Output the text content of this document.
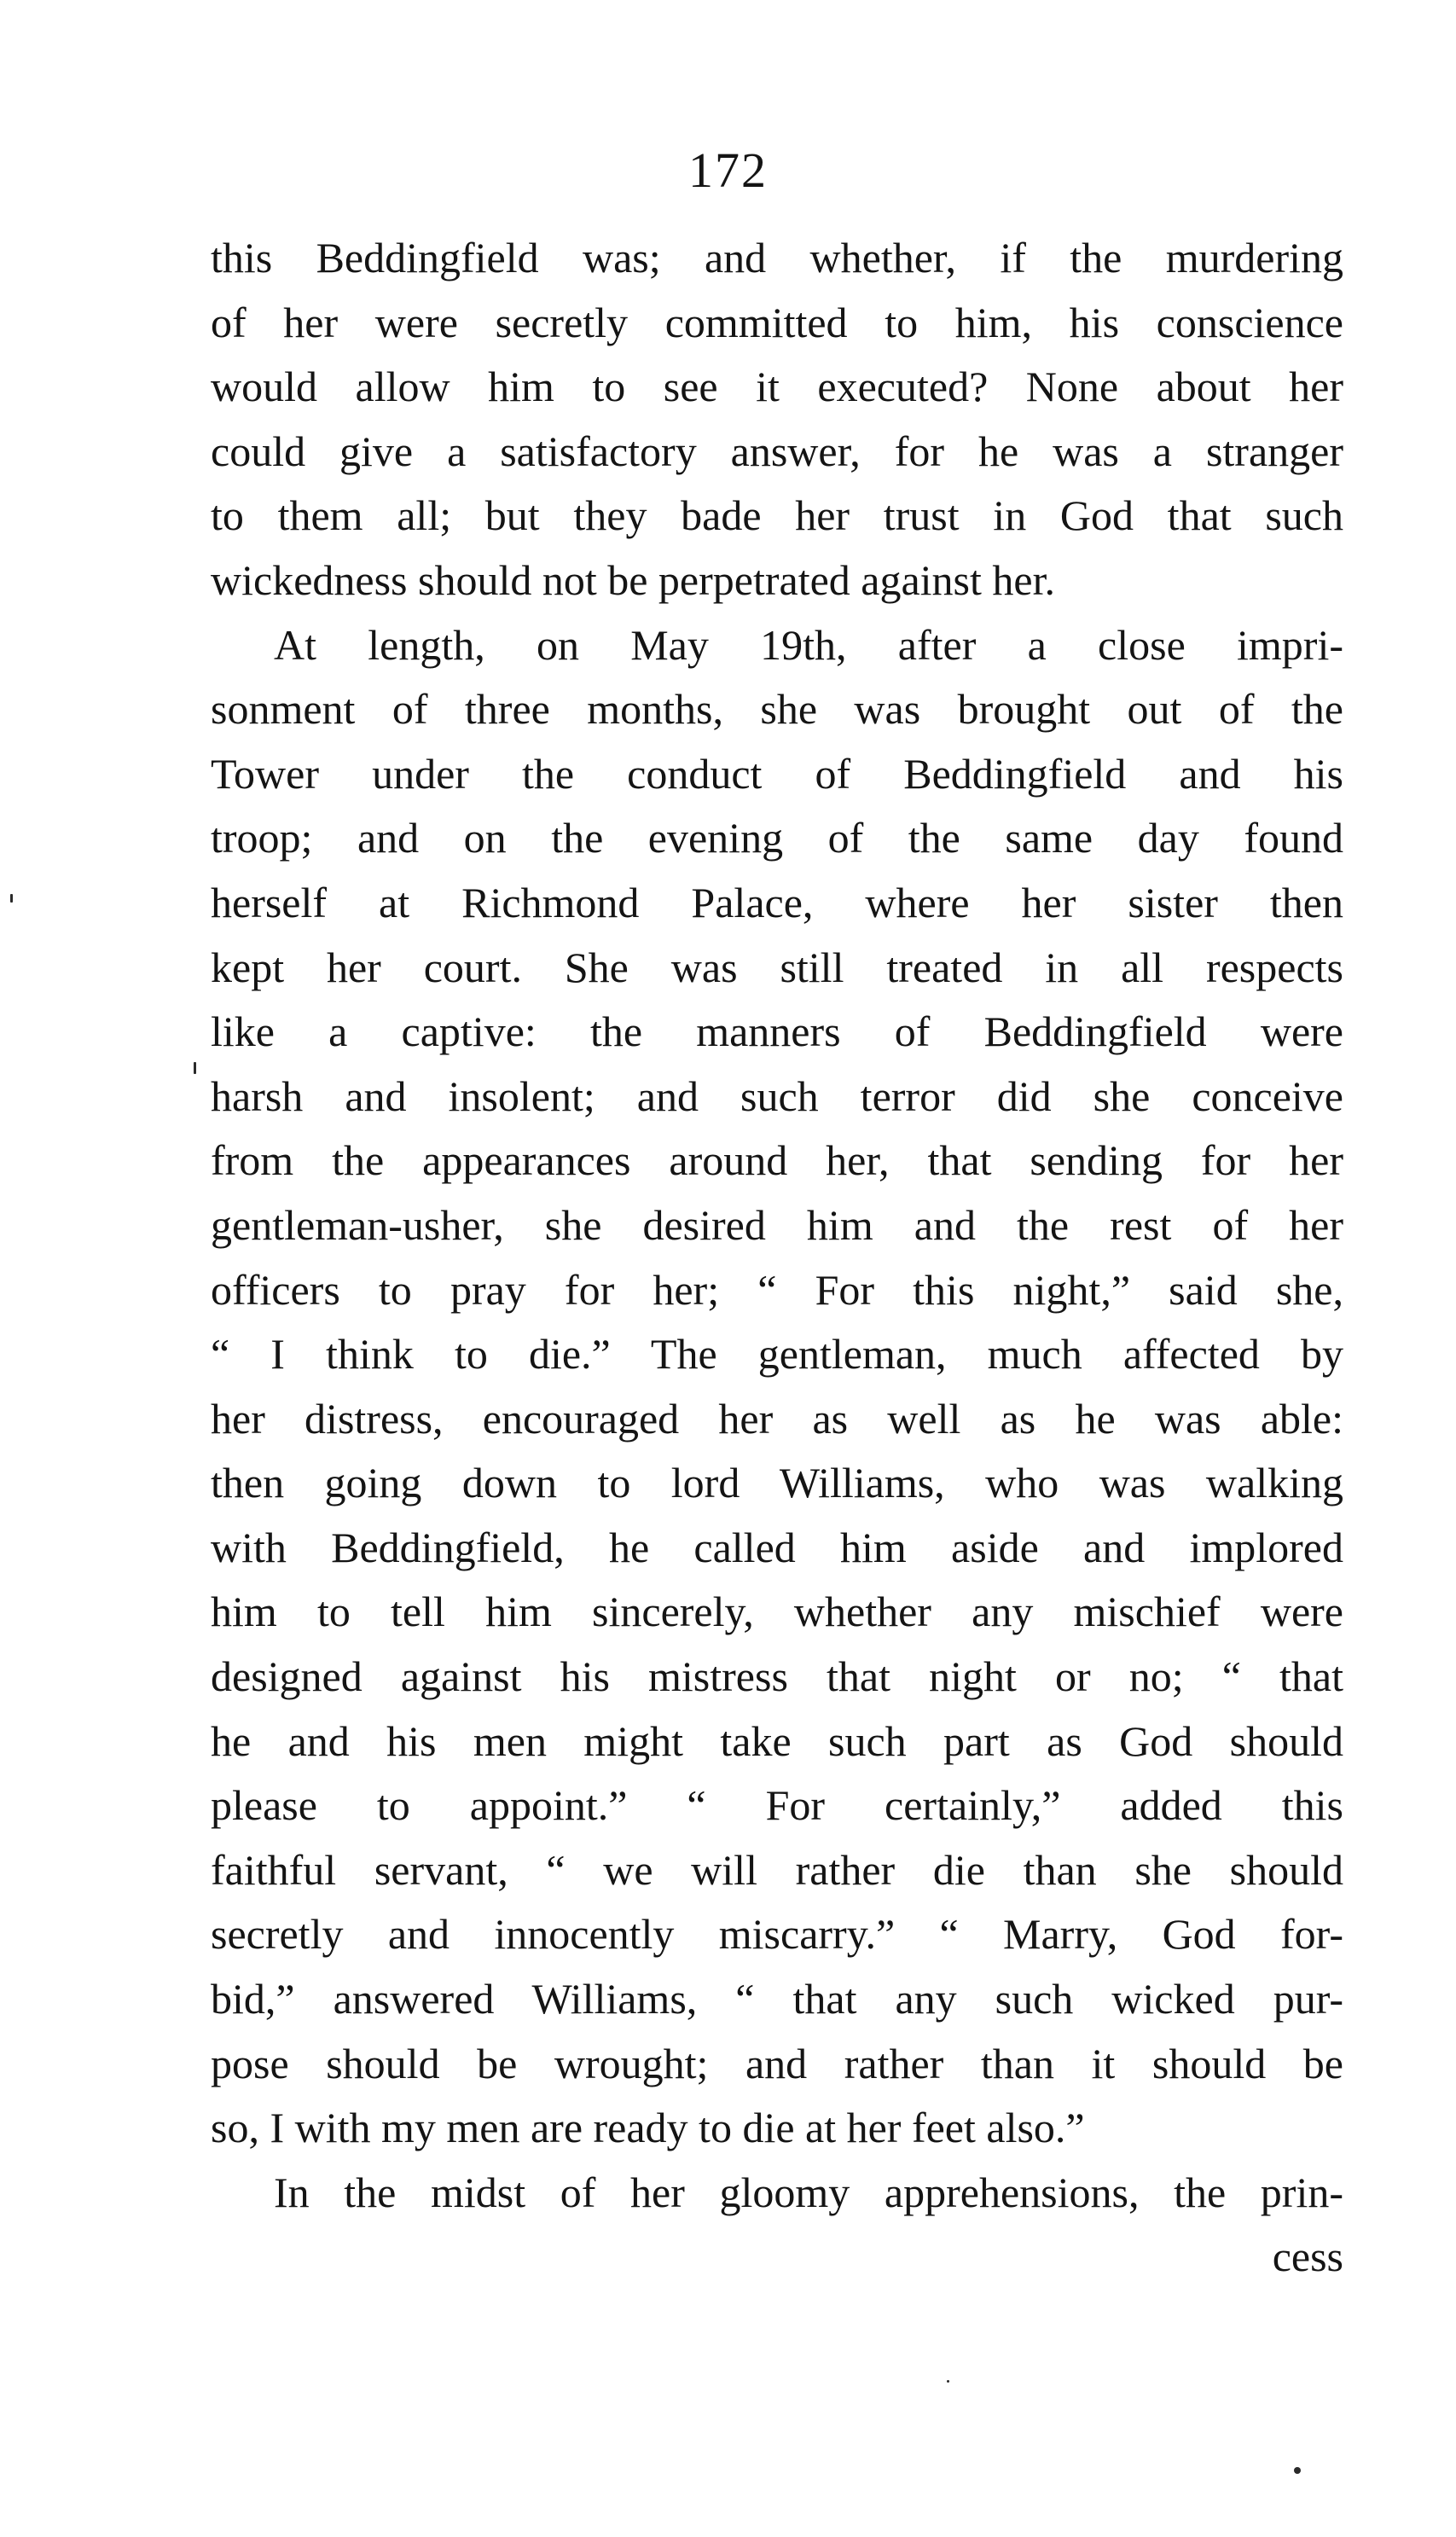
172
this Beddingfield was; and whether, if the murdering
of her were secretly committed to him, his conscience
would allow him to see it executed? None about her
could give a satisfactory answer, for he was a stranger
to them all; but they bade her trust in God that such
wickedness should not be perpetrated against her.
At length, on May 19th, after a close impri-
sonment of three months, she was brought out of the
Tower under the conduct of Beddingfield and his
troop; and on the evening of the same day found
herself at Richmond Palace, where her sister then
kept her court. She was still treated in all respects
like a captive: the manners of Beddingfield were
harsh and insolent; and such terror did she conceive
from the appearances around her, that sending for her
gentleman-usher, she desired him and the rest of her
officers to pray for her; “ For this night,” said she,
“ I think to die.” The gentleman, much affected by
her distress, encouraged her as well as he was able:
then going down to lord Williams, who was walking
with Beddingfield, he called him aside and implored
him to tell him sincerely, whether any mischief were
designed against his mistress that night or no; “ that
he and his men might take such part as God should
please to appoint.” “ For certainly,” added this
faithful servant, “ we will rather die than she should
secretly and innocently miscarry.” “ Marry, God for-
bid,” answered Williams, “ that any such wicked pur-
pose should be wrought; and rather than it should be
so, I with my men are ready to die at her feet also.”
In the midst of her gloomy apprehensions, the prin-
cess
